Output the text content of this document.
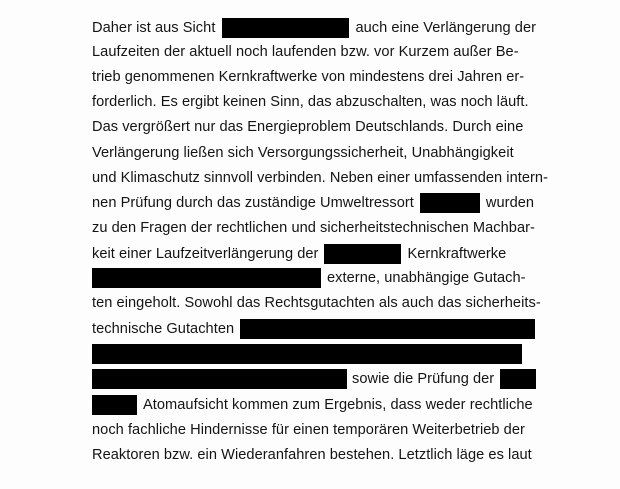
Daher ist aus Sicht	auch eine Verlängerung der
Laufzeiten der aktuell noch laufenden bzw. vor Kurzem außer Be-
trieb genommenen Kernkraftwerke von mindestens drei Jahren er-
forderlich. Es ergibt keinen Sinn, das abzuschalten, was noch läuft.
Das vergrößert nur das Energieproblem Deutschlands. Durch eine
Verlängerung ließen sich Versorgungssicherheit, Unabhängigkeit
und Klimaschutz sinnvoll verbinden. Neben einer umfassenden intern-
nen Prüfung durch das zuständige Umweltressort	wurden
zu den Fragen der rechtlichen und sicherheitstechnischen Machbar-
keit einer Laufzeitverlängerung der	Kernkraftwerke
externe, unabhängige Gutach-
ten eingeholt. Sowohl das Rechtsgutachten als auch das sicherheits-
technische Gutachten
sowie die Prüfung der
Atomaufsicht kommen zum Ergebnis, dass weder rechtliche
noch fachliche Hindernisse für einen temporären Weiterbetrieb der
Reaktoren bzw. ein Wiederanfahren bestehen. Letztlich läge es laut
